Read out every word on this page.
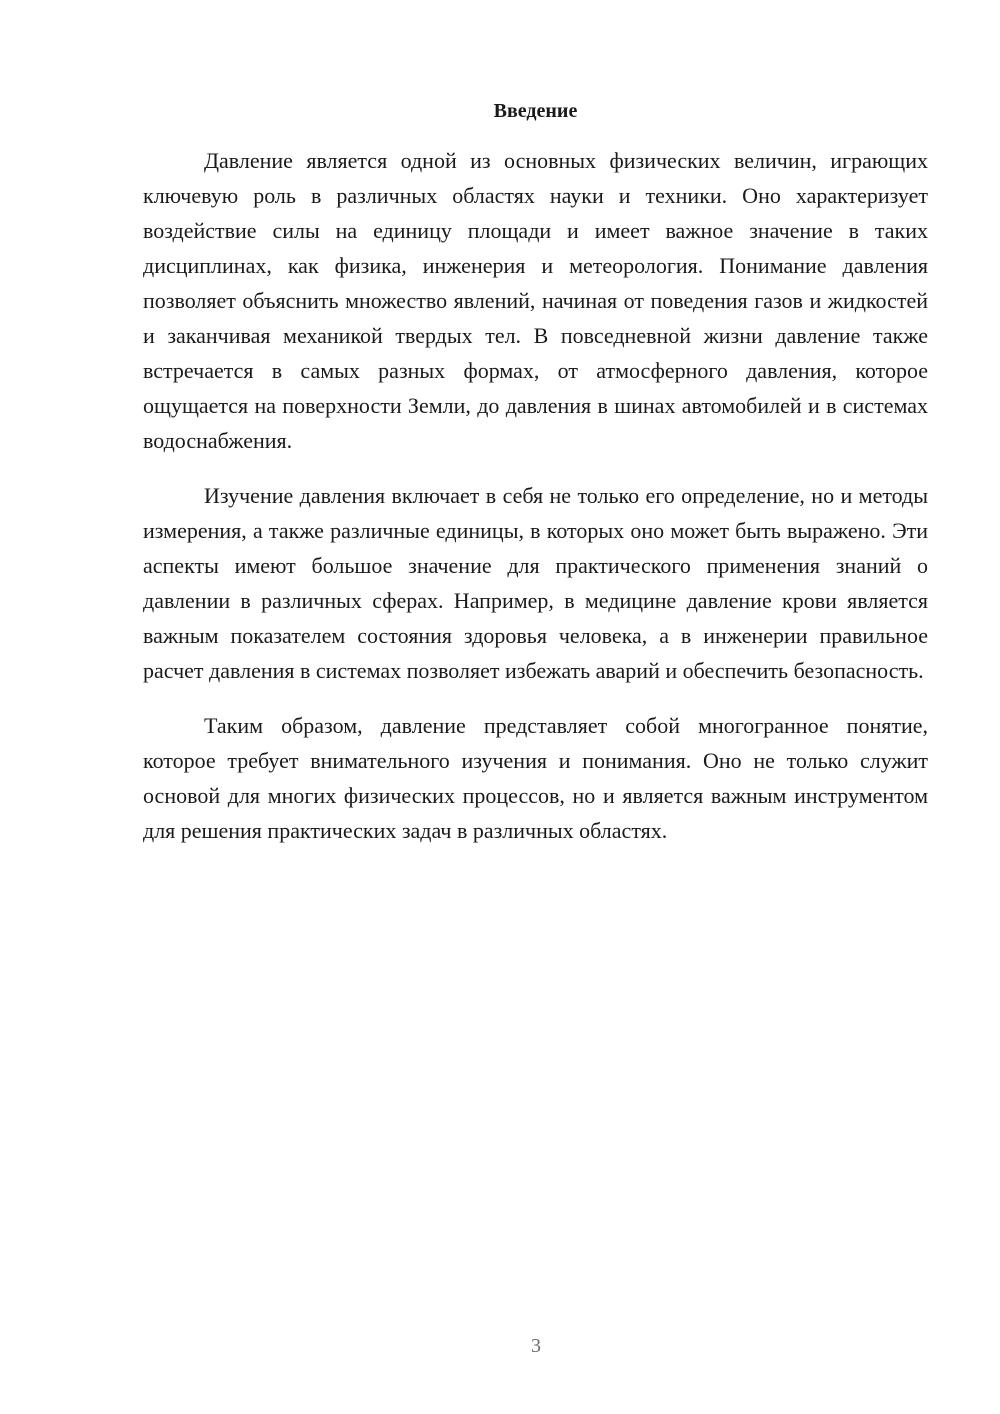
Введение

Давление является одной из основных физических величин, играющих ключевую роль в различных областях науки и техники. Оно характеризует воздействие силы на единицу площади и имеет важное значение в таких дисциплинах, как физика, инженерия и метеорология. Понимание давления позволяет объяснить множество явлений, начиная от поведения газов и жидкостей и заканчивая механикой твердых тел. В повседневной жизни давление также встречается в самых разных формах, от атмосферного давления, которое ощущается на поверхности Земли, до давления в шинах автомобилей и в системах водоснабжения.

Изучение давления включает в себя не только его определение, но и методы измерения, а также различные единицы, в которых оно может быть выражено. Эти аспекты имеют большое значение для практического применения знаний о давлении в различных сферах. Например, в медицине давление крови является важным показателем состояния здоровья человека, а в инженерии правильное расчет давления в системах позволяет избежать аварий и обеспечить безопасность.

Таким образом, давление представляет собой многогранное понятие, которое требует внимательного изучения и понимания. Оно не только служит основой для многих физических процессов, но и является важным инструментом для решения практических задач в различных областях.

3
